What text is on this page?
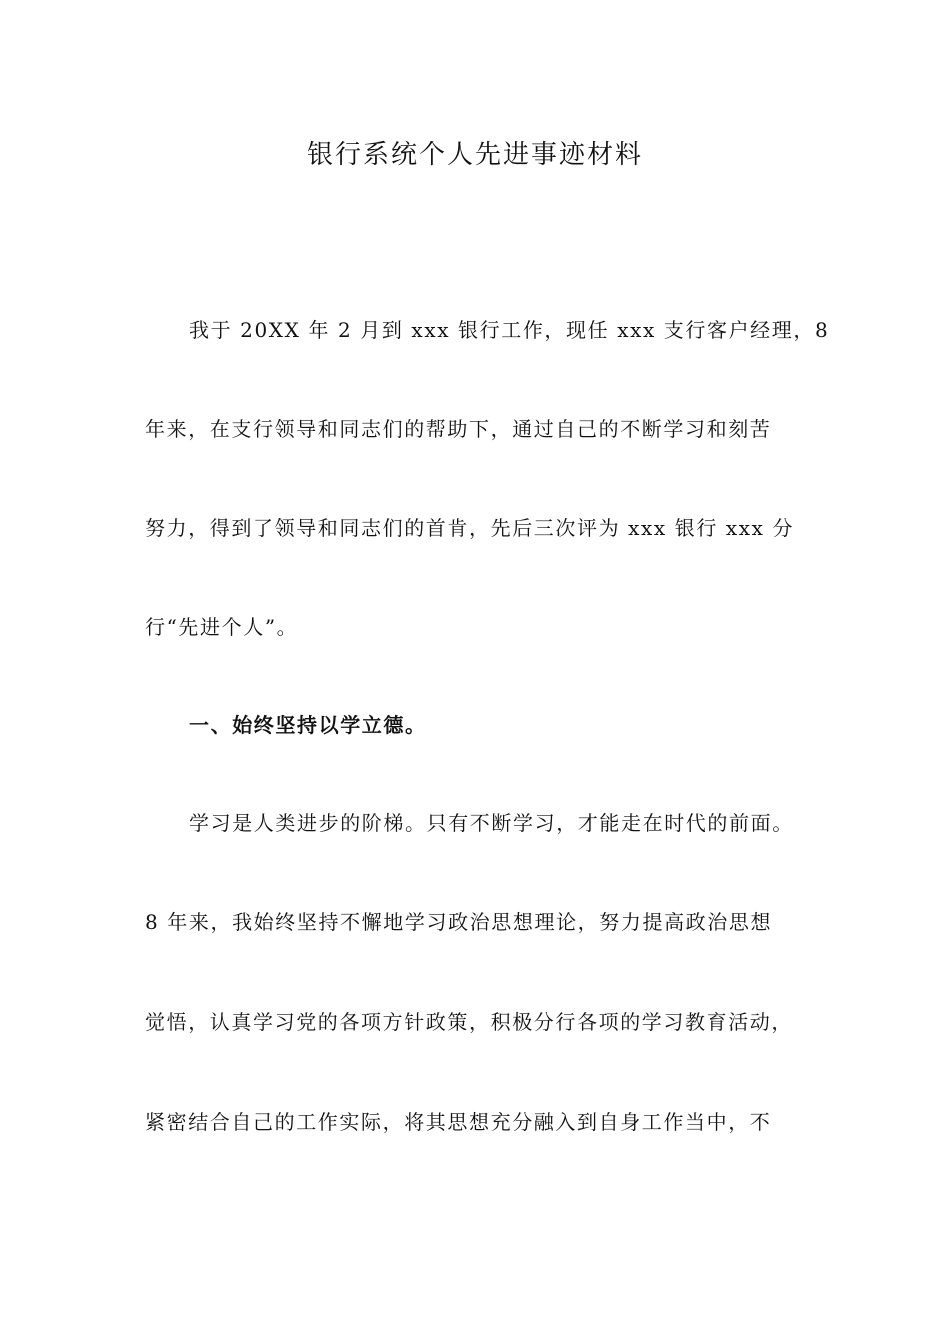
银行系统个人先进事迹材料
我于 20XX 年 2 月到 xxx 银行工作，现任 xxx 支行客户经理，8
年来，在支行领导和同志们的帮助下，通过自己的不断学习和刻苦
努力，得到了领导和同志们的首肯，先后三次评为 xxx 银行 xxx 分
行“先进个人”。
一、始终坚持以学立德。
学习是人类进步的阶梯。只有不断学习，才能走在时代的前面。
8 年来，我始终坚持不懈地学习政治思想理论，努力提高政治思想
觉悟，认真学习党的各项方针政策，积极分行各项的学习教育活动，
紧密结合自己的工作实际，将其思想充分融入到自身工作当中，不
